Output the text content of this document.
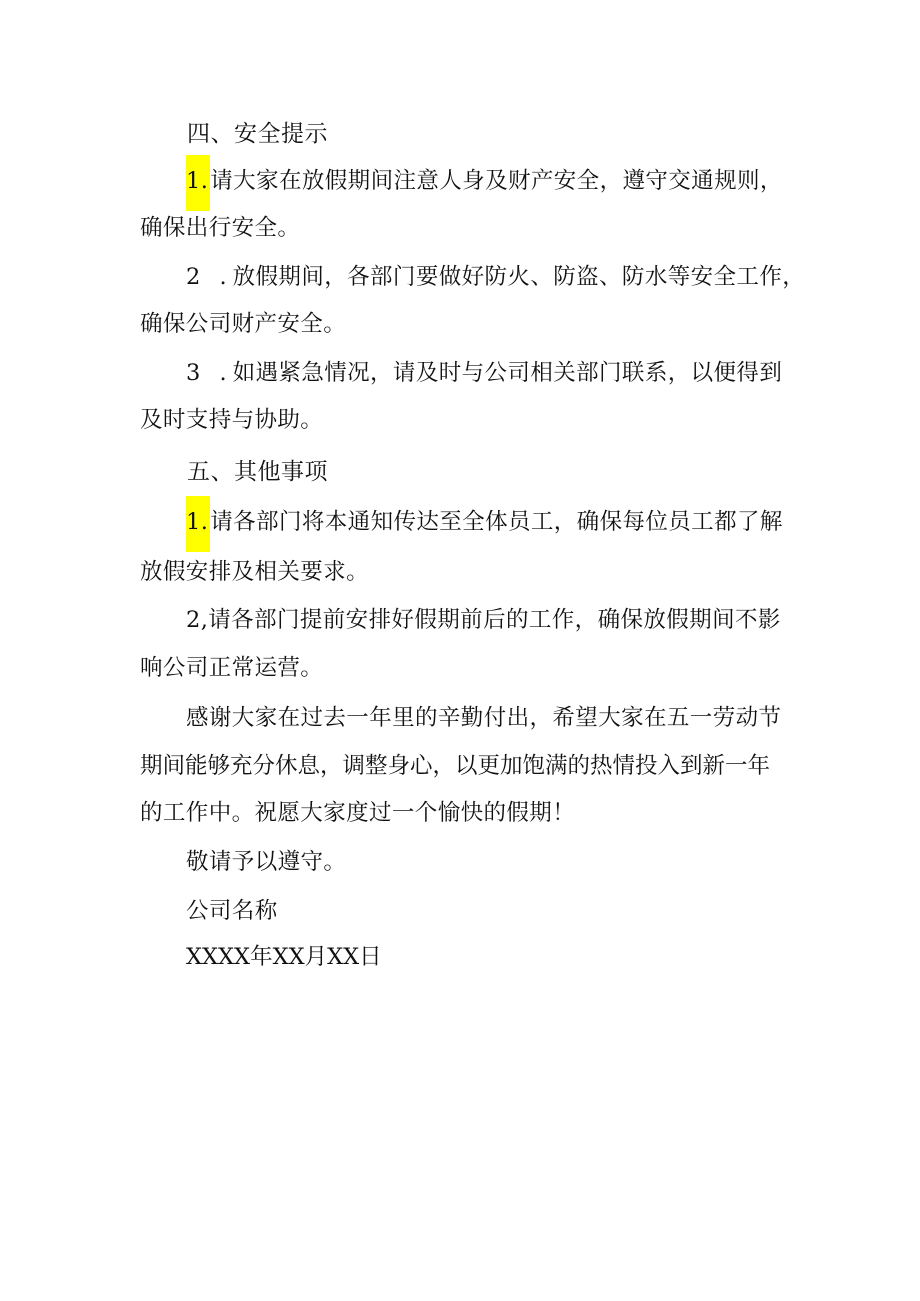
四、安全提示
1.请大家在放假期间注意人身及财产安全，遵守交通规则，
确保出行安全。
2 .放假期间，各部门要做好防火、防盗、防水等安全工作，
确保公司财产安全。
3 .如遇紧急情况，请及时与公司相关部门联系，以便得到
及时支持与协助。
五、其他事项
1.请各部门将本通知传达至全体员工，确保每位员工都了解
放假安排及相关要求。
2,请各部门提前安排好假期前后的工作，确保放假期间不影
响公司正常运营。
感谢大家在过去一年里的辛勤付出，希望大家在五一劳动节
期间能够充分休息，调整身心，以更加饱满的热情投入到新一年
的工作中。祝愿大家度过一个愉快的假期！
敬请予以遵守。
公司名称
XXXX年XX月XX日
